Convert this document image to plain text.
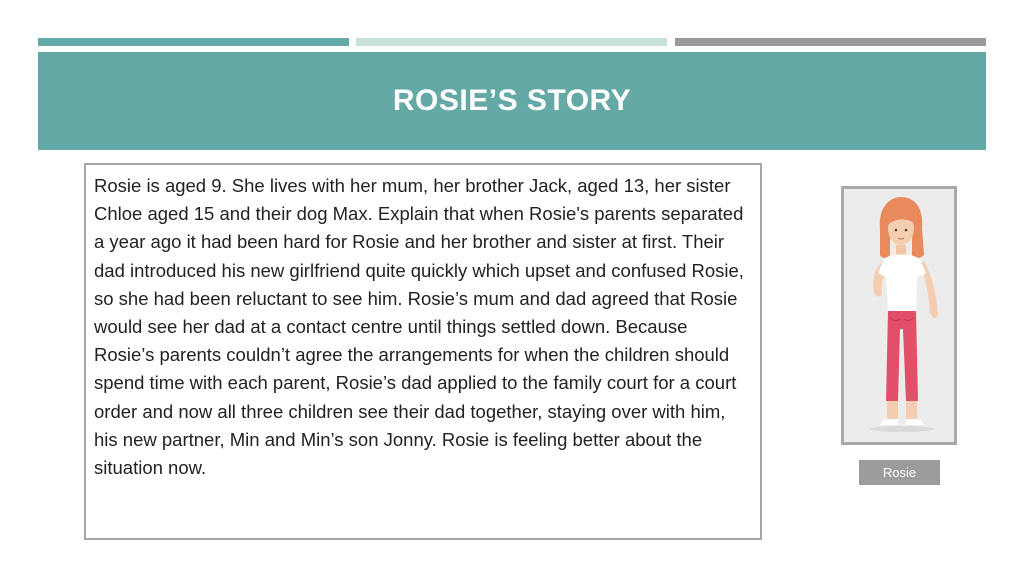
ROSIE’S STORY

Rosie is aged 9. She lives with her mum, her brother Jack, aged 13, her sister Chloe aged 15 and their dog Max. Explain that when Rosie's parents separated a year ago it had been hard for Rosie and her brother and sister at first. Their dad introduced his new girlfriend quite quickly which upset and confused Rosie, so she had been reluctant to see him. Rosie’s mum and dad agreed that Rosie would see her dad at a contact centre until things settled down. Because Rosie’s parents couldn’t agree the arrangements for when the children should spend time with each parent, Rosie’s dad applied to the family court for a court order and now all three children see their dad together, staying over with him, his new partner, Min and Min’s son Jonny. Rosie is feeling better about the situation now.	Rosie
